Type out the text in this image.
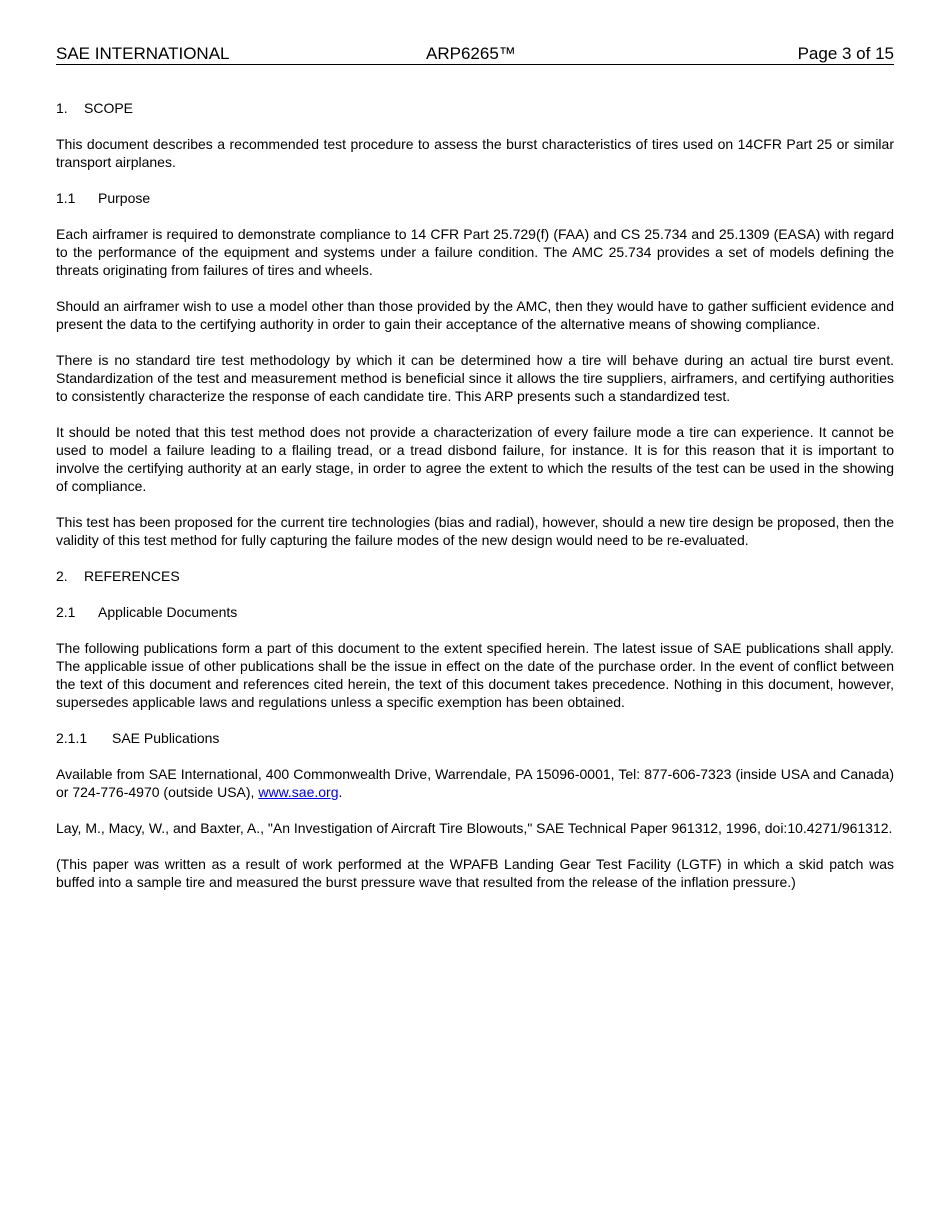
SAE INTERNATIONAL	ARP6265™	Page 3 of 15
1. SCOPE

This document describes a recommended test procedure to assess the burst characteristics of tires used on 14CFR Part 25 or similar transport airplanes.

1.1 Purpose

Each airframer is required to demonstrate compliance to 14 CFR Part 25.729(f) (FAA) and CS 25.734 and 25.1309 (EASA) with regard to the performance of the equipment and systems under a failure condition. The AMC 25.734 provides a set of models defining the threats originating from failures of tires and wheels.

Should an airframer wish to use a model other than those provided by the AMC, then they would have to gather sufficient evidence and present the data to the certifying authority in order to gain their acceptance of the alternative means of showing compliance.

There is no standard tire test methodology by which it can be determined how a tire will behave during an actual tire burst event. Standardization of the test and measurement method is beneficial since it allows the tire suppliers, airframers, and certifying authorities to consistently characterize the response of each candidate tire. This ARP presents such a standardized test.

It should be noted that this test method does not provide a characterization of every failure mode a tire can experience. It cannot be used to model a failure leading to a flailing tread, or a tread disbond failure, for instance. It is for this reason that it is important to involve the certifying authority at an early stage, in order to agree the extent to which the results of the test can be used in the showing of compliance.

This test has been proposed for the current tire technologies (bias and radial), however, should a new tire design be proposed, then the validity of this test method for fully capturing the failure modes of the new design would need to be re-evaluated.

2. REFERENCES
2.1 Applicable Documents

The following publications form a part of this document to the extent specified herein. The latest issue of SAE publications shall apply. The applicable issue of other publications shall be the issue in effect on the date of the purchase order. In the event of conflict between the text of this document and references cited herein, the text of this document takes precedence. Nothing in this document, however, supersedes applicable laws and regulations unless a specific exemption has been obtained.

2.1.1 SAE Publications

Available from SAE International, 400 Commonwealth Drive, Warrendale, PA 15096-0001, Tel: 877-606-7323 (inside USA and Canada) or 724-776-4970 (outside USA), www.sae.org.

Lay, M., Macy, W., and Baxter, A., "An Investigation of Aircraft Tire Blowouts," SAE Technical Paper 961312, 1996, doi:10.4271/961312.

(This paper was written as a result of work performed at the WPAFB Landing Gear Test Facility (LGTF) in which a skid patch was buffed into a sample tire and measured the burst pressure wave that resulted from the release of the inflation pressure.)
